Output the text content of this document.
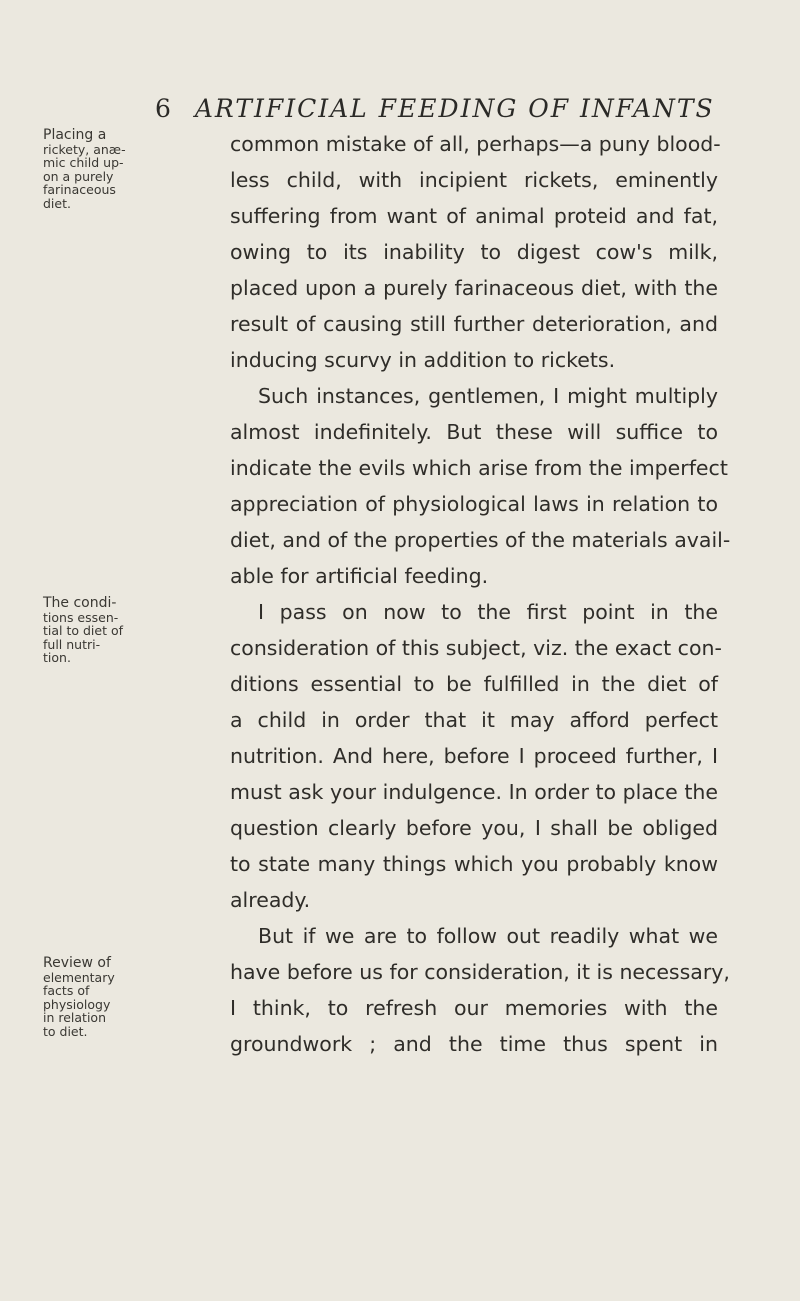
6 ARTIFICIAL FEEDING OF INFANTS
Placing a
rickety, anæ-
mic child up-
on a purely
farinaceous
diet.
The condi-
tions essen-
tial to diet of
full nutri-
tion.
Review of
elementary
facts of
physiology
in relation
to diet.
common mistake of all, perhaps—a puny blood-
less child, with incipient rickets, eminently
suffering from want of animal proteid and fat,
owing to its inability to digest cow's milk,
placed upon a purely farinaceous diet, with the
result of causing still further deterioration, and
inducing scurvy in addition to rickets.
Such instances, gentlemen, I might multiply
almost indefinitely. But these will suffice to
indicate the evils which arise from the imperfect
appreciation of physiological laws in relation to
diet, and of the properties of the materials avail-
able for artificial feeding.
I pass on now to the first point in the
consideration of this subject, viz. the exact con-
ditions essential to be fulfilled in the diet of
a child in order that it may afford perfect
nutrition. And here, before I proceed further, I
must ask your indulgence. In order to place the
question clearly before you, I shall be obliged
to state many things which you probably know
already.
But if we are to follow out readily what we
have before us for consideration, it is necessary,
I think, to refresh our memories with the
groundwork ; and the time thus spent in
